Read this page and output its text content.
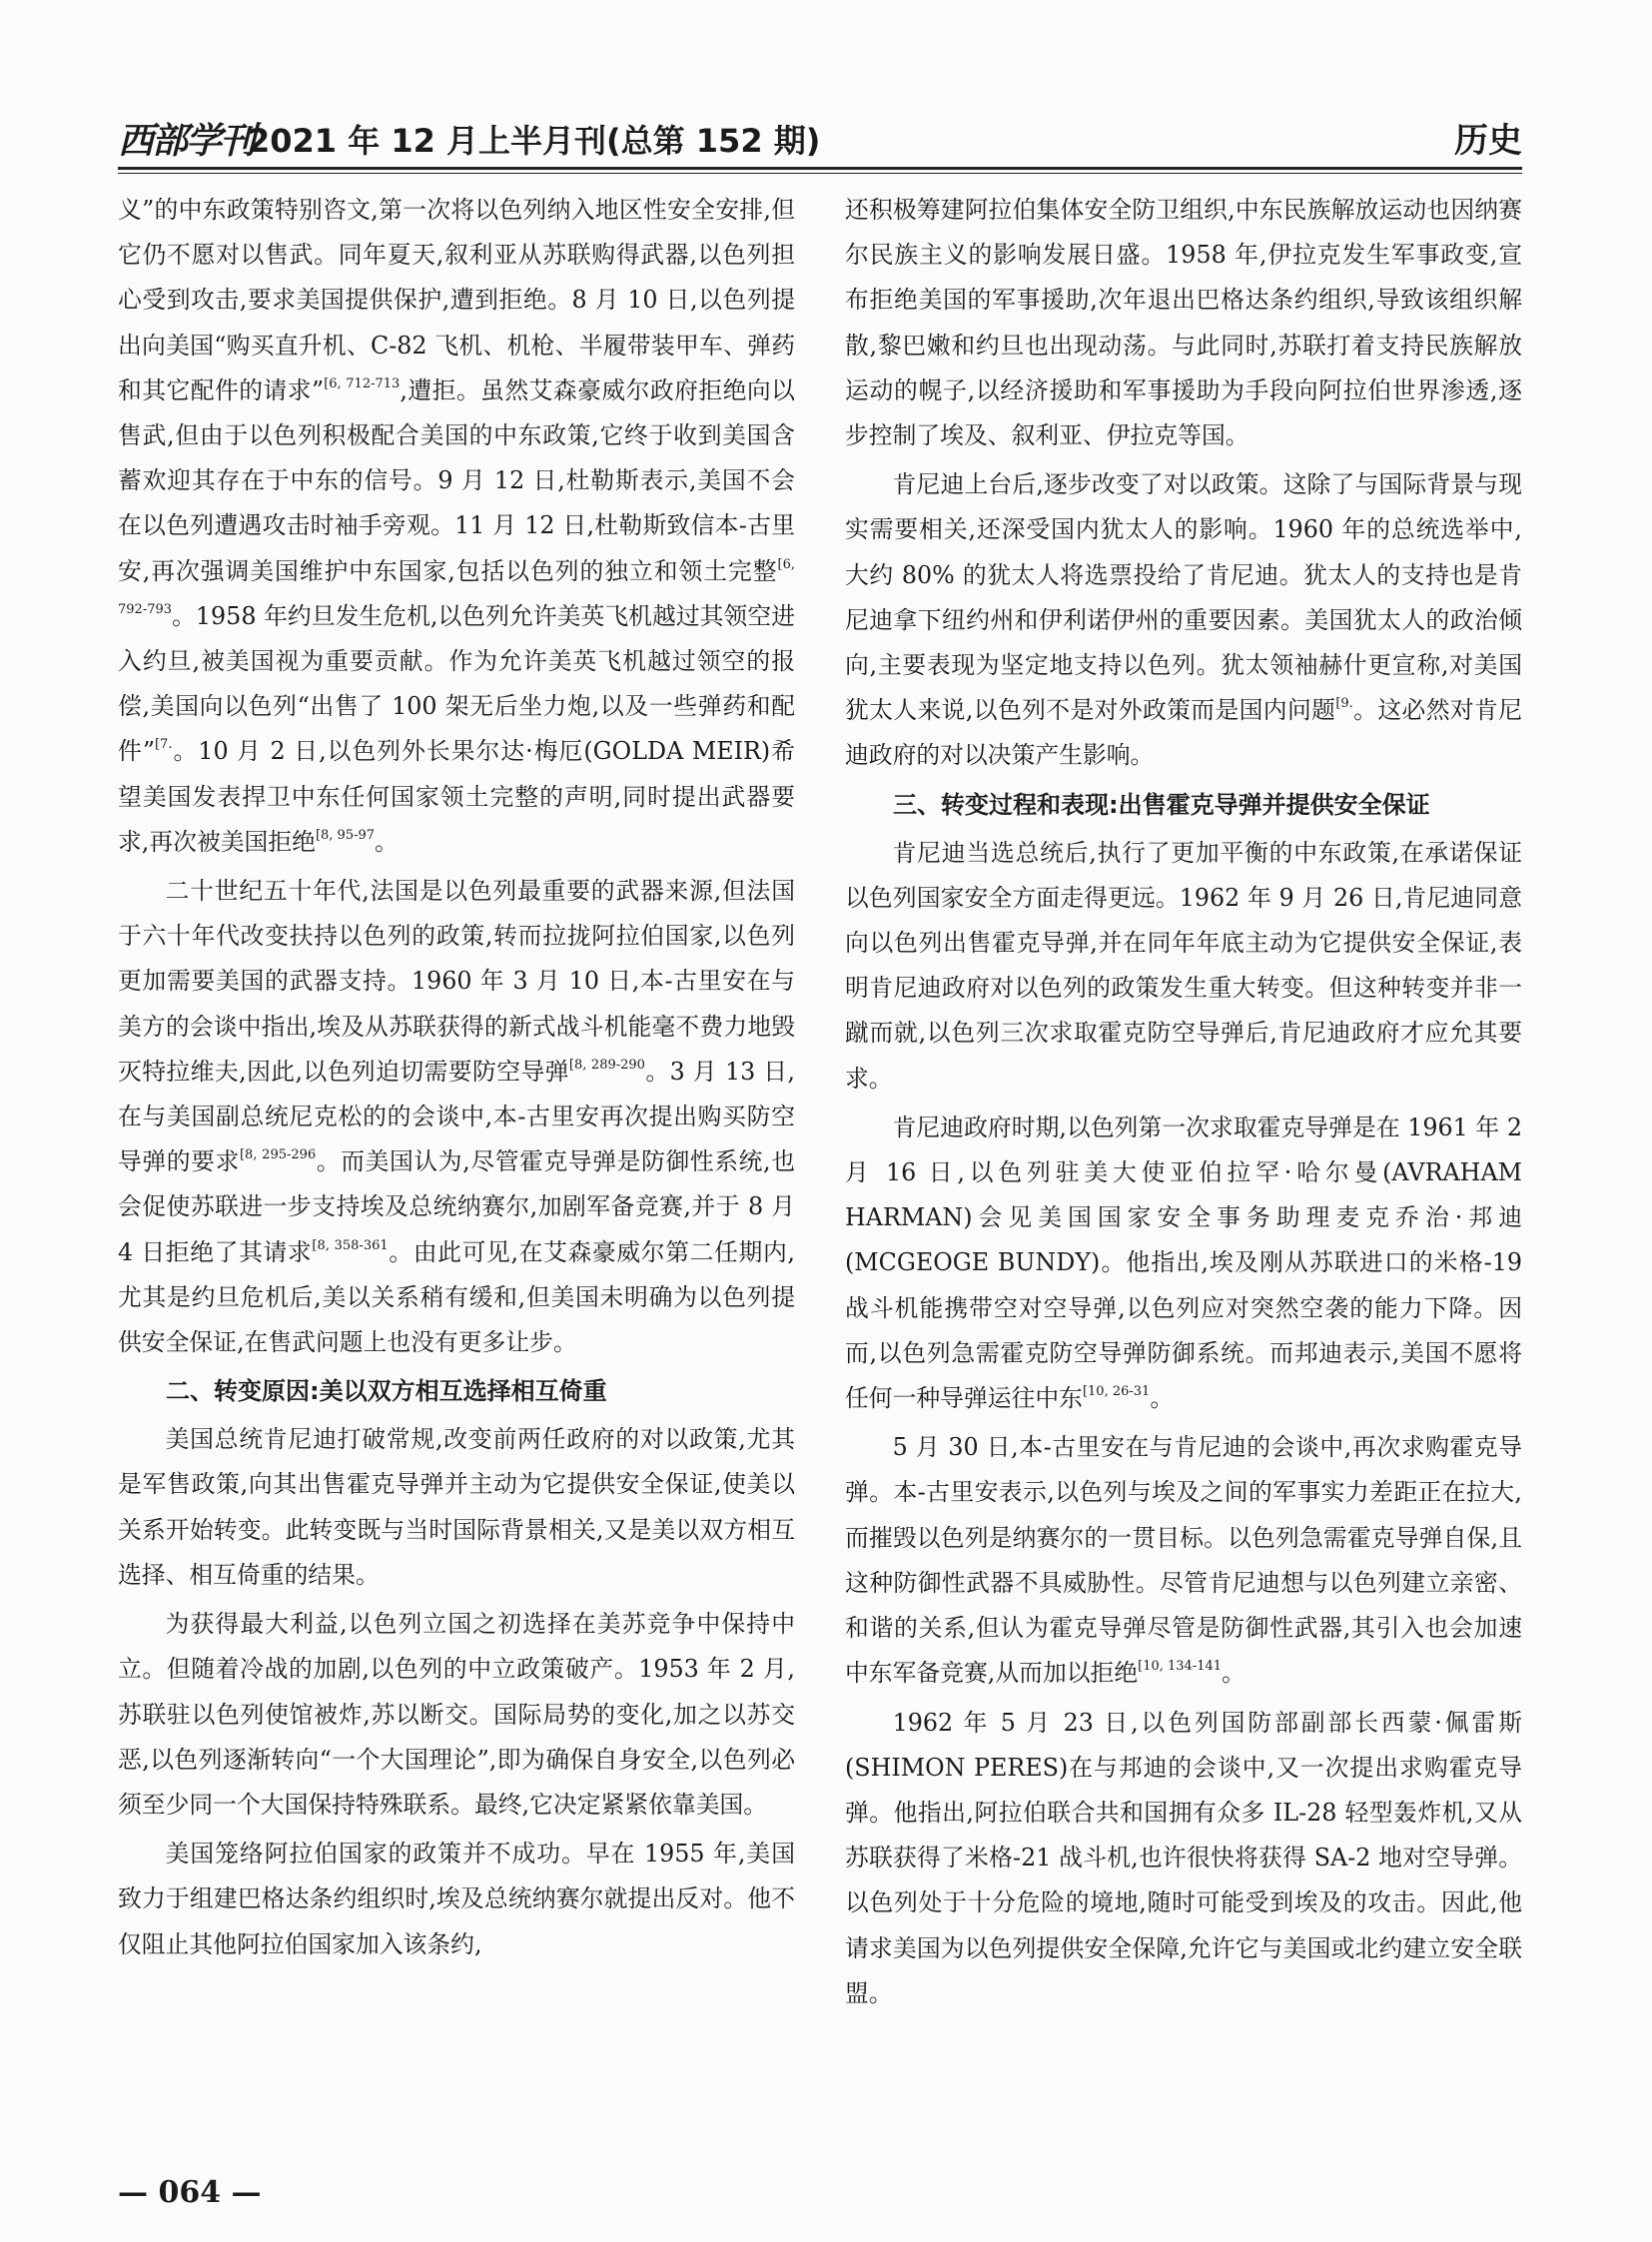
西部学刊
2021 年 12 月上半月刊(总第 152 期)	历史

义”的中东政策特别咨文,第一次将以色列纳入地区性安全安排,但它仍不愿对以售武。同年夏天,叙利亚从苏联购得武器,以色列担心受到攻击,要求美国提供保护,遭到拒绝。8 月 10 日,以色列提出向美国“购买直升机、C-82 飞机、机枪、半履带装甲车、弹药和其它配件的请求”$^{[6, 712-713}$,遭拒。虽然艾森豪威尔政府拒绝向以售武,但由于以色列积极配合美国的中东政策,它终于收到美国含蓄欢迎其存在于中东的信号。9 月 12 日,杜勒斯表示,美国不会在以色列遭遇攻击时袖手旁观。11 月 12 日,杜勒斯致信本-古里安,再次强调美国维护中东国家,包括以色列的独立和领土完整$^{[6, 792-793}$。1958 年约旦发生危机,以色列允许美英飞机越过其领空进入约旦,被美国视为重要贡献。作为允许美英飞机越过领空的报偿,美国向以色列“出售了 100 架无后坐力炮,以及一些弹药和配件”$^{[7.}$。10 月 2 日,以色列外长果尔达·梅厄(GOLDA MEIR)希望美国发表捍卫中东任何国家领土完整的声明,同时提出武器要求,再次被美国拒绝$^{[8, 95-97}$。

二十世纪五十年代,法国是以色列最重要的武器来源,但法国于六十年代改变扶持以色列的政策,转而拉拢阿拉伯国家,以色列更加需要美国的武器支持。1960 年 3 月 10 日,本-古里安在与美方的会谈中指出,埃及从苏联获得的新式战斗机能毫不费力地毁灭特拉维夫,因此,以色列迫切需要防空导弹$^{[8, 289-290}$。3 月 13 日,在与美国副总统尼克松的的会谈中,本-古里安再次提出购买防空导弹的要求$^{[8, 295-296}$。而美国认为,尽管霍克导弹是防御性系统,也会促使苏联进一步支持埃及总统纳赛尔,加剧军备竞赛,并于 8 月 4 日拒绝了其请求$^{[8, 358-361}$。由此可见,在艾森豪威尔第二任期内,尤其是约旦危机后,美以关系稍有缓和,但美国未明确为以色列提供安全保证,在售武问题上也没有更多让步。

二、转变原因:美以双方相互选择相互倚重

美国总统肯尼迪打破常规,改变前两任政府的对以政策,尤其是军售政策,向其出售霍克导弹并主动为它提供安全保证,使美以关系开始转变。此转变既与当时国际背景相关,又是美以双方相互选择、相互倚重的结果。

为获得最大利益,以色列立国之初选择在美苏竞争中保持中立。但随着冷战的加剧,以色列的中立政策破产。1953 年 2 月,苏联驻以色列使馆被炸,苏以断交。国际局势的变化,加之以苏交恶,以色列逐渐转向“一个大国理论”,即为确保自身安全,以色列必须至少同一个大国保持特殊联系。最终,它决定紧紧依靠美国。

美国笼络阿拉伯国家的政策并不成功。早在 1955 年,美国致力于组建巴格达条约组织时,埃及总统纳赛尔就提出反对。他不仅阻止其他阿拉伯国家加入该条约,

还积极筹建阿拉伯集体安全防卫组织,中东民族解放运动也因纳赛尔民族主义的影响发展日盛。1958 年,伊拉克发生军事政变,宣布拒绝美国的军事援助,次年退出巴格达条约组织,导致该组织解散,黎巴嫩和约旦也出现动荡。与此同时,苏联打着支持民族解放运动的幌子,以经济援助和军事援助为手段向阿拉伯世界渗透,逐步控制了埃及、叙利亚、伊拉克等国。

肯尼迪上台后,逐步改变了对以政策。这除了与国际背景与现实需要相关,还深受国内犹太人的影响。1960 年的总统选举中,大约 80% 的犹太人将选票投给了肯尼迪。犹太人的支持也是肯尼迪拿下纽约州和伊利诺伊州的重要因素。美国犹太人的政治倾向,主要表现为坚定地支持以色列。犹太领袖赫什更宣称,对美国犹太人来说,以色列不是对外政策而是国内问题$^{[9.}$。这必然对肯尼迪政府的对以决策产生影响。

三、转变过程和表现:出售霍克导弹并提供安全保证

肯尼迪当选总统后,执行了更加平衡的中东政策,在承诺保证以色列国家安全方面走得更远。1962 年 9 月 26 日,肯尼迪同意向以色列出售霍克导弹,并在同年年底主动为它提供安全保证,表明肯尼迪政府对以色列的政策发生重大转变。但这种转变并非一蹴而就,以色列三次求取霍克防空导弹后,肯尼迪政府才应允其要求。

肯尼迪政府时期,以色列第一次求取霍克导弹是在 1961 年 2 月 16 日,以色列驻美大使亚伯拉罕·哈尔曼(AVRAHAM HARMAN)会见美国国家安全事务助理麦克乔治·邦迪(MCGEOGE BUNDY)。他指出,埃及刚从苏联进口的米格-19 战斗机能携带空对空导弹,以色列应对突然空袭的能力下降。因而,以色列急需霍克防空导弹防御系统。而邦迪表示,美国不愿将任何一种导弹运往中东$^{[10, 26-31}$。

5 月 30 日,本-古里安在与肯尼迪的会谈中,再次求购霍克导弹。本-古里安表示,以色列与埃及之间的军事实力差距正在拉大,而摧毁以色列是纳赛尔的一贯目标。以色列急需霍克导弹自保,且这种防御性武器不具威胁性。尽管肯尼迪想与以色列建立亲密、和谐的关系,但认为霍克导弹尽管是防御性武器,其引入也会加速中东军备竞赛,从而加以拒绝$^{[10, 134-141}$。

1962 年 5 月 23 日,以色列国防部副部长西蒙·佩雷斯(SHIMON PERES)在与邦迪的会谈中,又一次提出求购霍克导弹。他指出,阿拉伯联合共和国拥有众多 IL-28 轻型轰炸机,又从苏联获得了米格-21 战斗机,也许很快将获得 SA-2 地对空导弹。以色列处于十分危险的境地,随时可能受到埃及的攻击。因此,他请求美国为以色列提供安全保障,允许它与美国或北约建立安全联盟。

— 064 —
